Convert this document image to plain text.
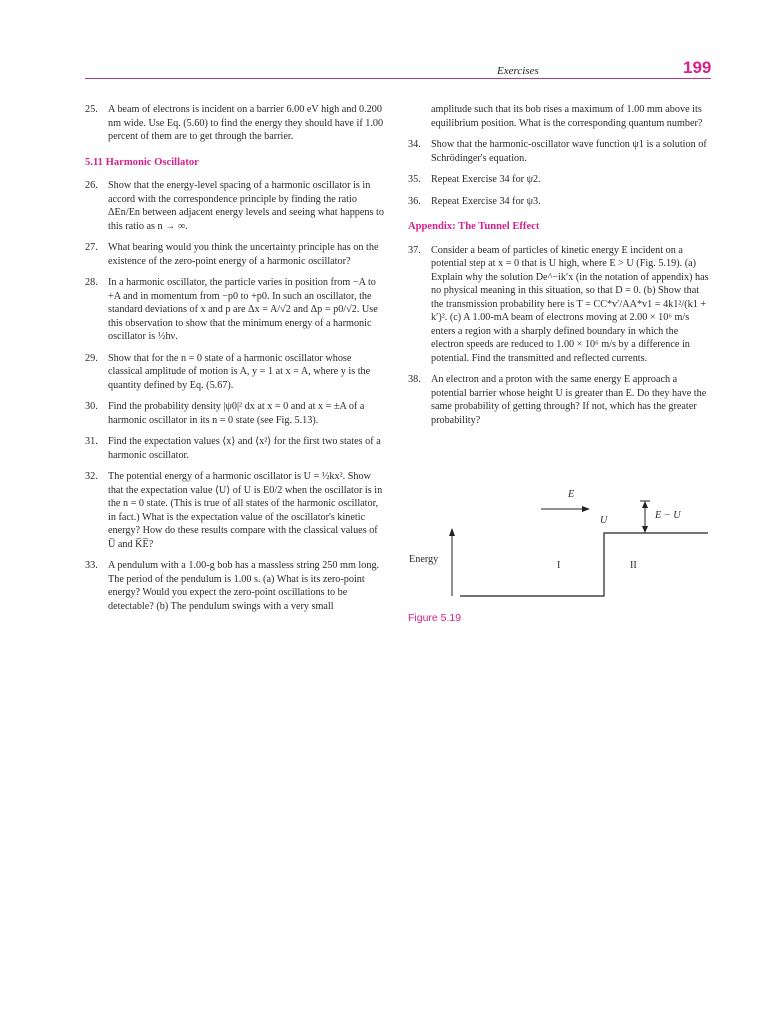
Exercises	199
25. A beam of electrons is incident on a barrier 6.00 eV high and 0.200 nm wide. Use Eq. (5.60) to find the energy they should have if 1.00 percent of them are to get through the barrier.
5.11 Harmonic Oscillator
26. Show that the energy-level spacing of a harmonic oscillator is in accord with the correspondence principle by finding the ratio ΔEn/En between adjacent energy levels and seeing what happens to this ratio as n → ∞.
27. What bearing would you think the uncertainty principle has on the existence of the zero-point energy of a harmonic oscillator?
28. In a harmonic oscillator, the particle varies in position from −A to +A and in momentum from −p0 to +p0. In such an oscillator, the standard deviations of x and p are Δx = A/√2 and Δp = p0/√2. Use this observation to show that the minimum energy of a harmonic oscillator is ½hν.
29. Show that for the n = 0 state of a harmonic oscillator whose classical amplitude of motion is A, y = 1 at x = A, where y is the quantity defined by Eq. (5.67).
30. Find the probability density |ψ0|² dx at x = 0 and at x = ±A of a harmonic oscillator in its n = 0 state (see Fig. 5.13).
31. Find the expectation values ⟨x⟩ and ⟨x²⟩ for the first two states of a harmonic oscillator.
32. The potential energy of a harmonic oscillator is U = ½kx². Show that the expectation value ⟨U⟩ of U is E0/2 when the oscillator is in the n = 0 state. (This is true of all states of the harmonic oscillator, in fact.) What is the expectation value of the oscillator's kinetic energy? How do these results compare with the classical values of U̅ and K̅E̅?
33. A pendulum with a 1.00-g bob has a massless string 250 mm long. The period of the pendulum is 1.00 s. (a) What is its zero-point energy? Would you expect the zero-point oscillations to be detectable? (b) The pendulum swings with a very small
amplitude such that its bob rises a maximum of 1.00 mm above its equilibrium position. What is the corresponding quantum number?
34. Show that the harmonic-oscillator wave function ψ1 is a solution of Schrödinger's equation.
35. Repeat Exercise 34 for ψ2.
36. Repeat Exercise 34 for ψ3.
Appendix: The Tunnel Effect
37. Consider a beam of particles of kinetic energy E incident on a potential step at x = 0 that is U high, where E > U (Fig. 5.19). (a) Explain why the solution De^−ik′x (in the notation of appendix) has no physical meaning in this situation, so that D = 0. (b) Show that the transmission probability here is T = CC*v′/AA*v1 = 4k1²/(k1 + k′)². (c) A 1.00-mA beam of electrons moving at 2.00 × 10⁶ m/s enters a region with a sharply defined boundary in which the electron speeds are reduced to 1.00 × 10⁶ m/s by a difference in potential. Find the transmitted and reflected currents.
38. An electron and a proton with the same energy E approach a potential barrier whose height U is greater than E. Do they have the same probability of getting through? If not, which has the greater probability?
Energy
E
U	E − U
I	II
Figure 5.19
